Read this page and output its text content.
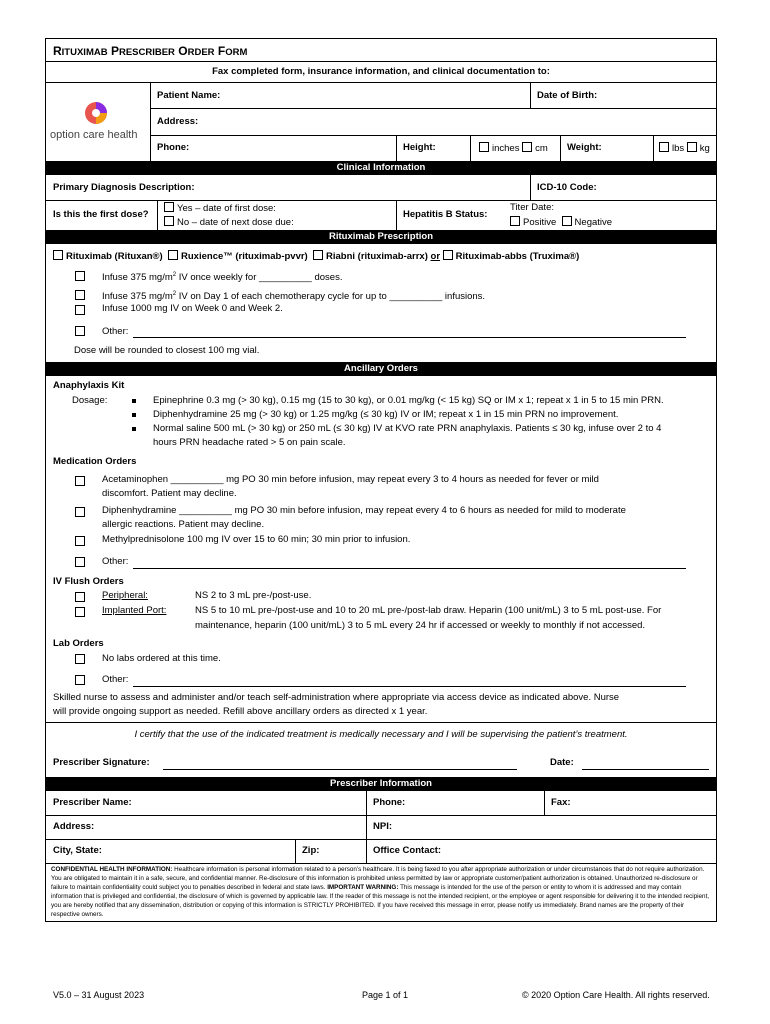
RITUXIMAB PRESCRIBER ORDER FORM
Fax completed form, insurance information, and clinical documentation to:
option care health
Patient Name:	Date of Birth:
Address:
Phone:	Height:	inches cm Weight:	lbs kg
Clinical Information
Primary Diagnosis Description:	ICD-10 Code:
Is this the first dose?
Yes – date of first dose:
No – date of next dose due:
Hepatitis B Status:
Titer Date:
Positive Negative
Rituximab Prescription
Rituximab (Rituxan®) Ruxience™ (rituximab-pvvr) Riabni (rituximab-arrx) or Rituximab-abbs (Truxima®)
Infuse 375 $mg/m^2$ IV once weekly for __________ doses.
Infuse 375 $mg/m^2$ IV on Day 1 of each chemotherapy cycle for up to __________ infusions.
Infuse 1000 mg IV on Week 0 and Week 2.
Other:
Dose will be rounded to closest 100 mg vial.
Ancillary Orders
Anaphylaxis Kit
Dosage:	Epinephrine 0.3 mg (> 30 kg), 0.15 mg (15 to 30 kg), or 0.01 mg/kg (< 15 kg) SQ or IM x 1; repeat x 1 in 5 to 15 min PRN.
Diphenhydramine 25 mg (> 30 kg) or 1.25 mg/kg (≤ 30 kg) IV or IM; repeat x 1 in 15 min PRN no improvement.
Normal saline 500 mL (> 30 kg) or 250 mL (≤ 30 kg) IV at KVO rate PRN anaphylaxis. Patients ≤ 30 kg, infuse over 2 to 4
hours PRN headache rated > 5 on pain scale.
Medication Orders
Acetaminophen __________ mg PO 30 min before infusion, may repeat every 3 to 4 hours as needed for fever or mild
discomfort. Patient may decline.
Diphenhydramine __________ mg PO 30 min before infusion, may repeat every 4 to 6 hours as needed for mild to moderate
allergic reactions. Patient may decline.
Methylprednisolone 100 mg IV over 15 to 60 min; 30 min prior to infusion.
Other:
IV Flush Orders
Peripheral:	NS 2 to 3 mL pre-/post-use.
Implanted Port:	NS 5 to 10 mL pre-/post-use and 10 to 20 mL pre-/post-lab draw. Heparin (100 unit/mL) 3 to 5 mL post-use. For
maintenance, heparin (100 unit/mL) 3 to 5 mL every 24 hr if accessed or weekly to monthly if not accessed.
Lab Orders
No labs ordered at this time.
Other:
Skilled nurse to assess and administer and/or teach self-administration where appropriate via access device as indicated above. Nurse
will provide ongoing support as needed. Refill above ancillary orders as directed x 1 year.
I certify that the use of the indicated treatment is medically necessary and I will be supervising the patient’s treatment.
Prescriber Signature:	Date:
Prescriber Information
Prescriber Name:	Phone:	Fax:
Address:	NPI:
City, State:	Zip:	Office Contact:
CONFIDENTIAL HEALTH INFORMATION: Healthcare information is personal information related to a person’s healthcare. It is being faxed to you after appropriate authorization or under circumstances that do not require authorization. You are obligated to maintain it in a safe, secure, and confidential manner. Re-disclosure of this information is prohibited unless permitted by law or appropriate customer/patient authorization is obtained. Unauthorized re-disclosure or failure to maintain confidentiality could subject you to penalties described in federal and state laws. IMPORTANT WARNING: This message is intended for the use of the person or entity to whom it is addressed and may contain information that is privileged and confidential, the disclosure of which is governed by applicable law. If the reader of this message is not the intended recipient, or the employee or agent responsible for delivering it to the intended recipient, you are hereby notified that any dissemination, distribution or copying of this information is STRICTLY PROHIBITED. If you have received this message in error, please notify us immediately. Brand names are the property of their respective owners.
V5.0 – 31 August 2023	Page 1 of 1	© 2020 Option Care Health. All rights reserved.
